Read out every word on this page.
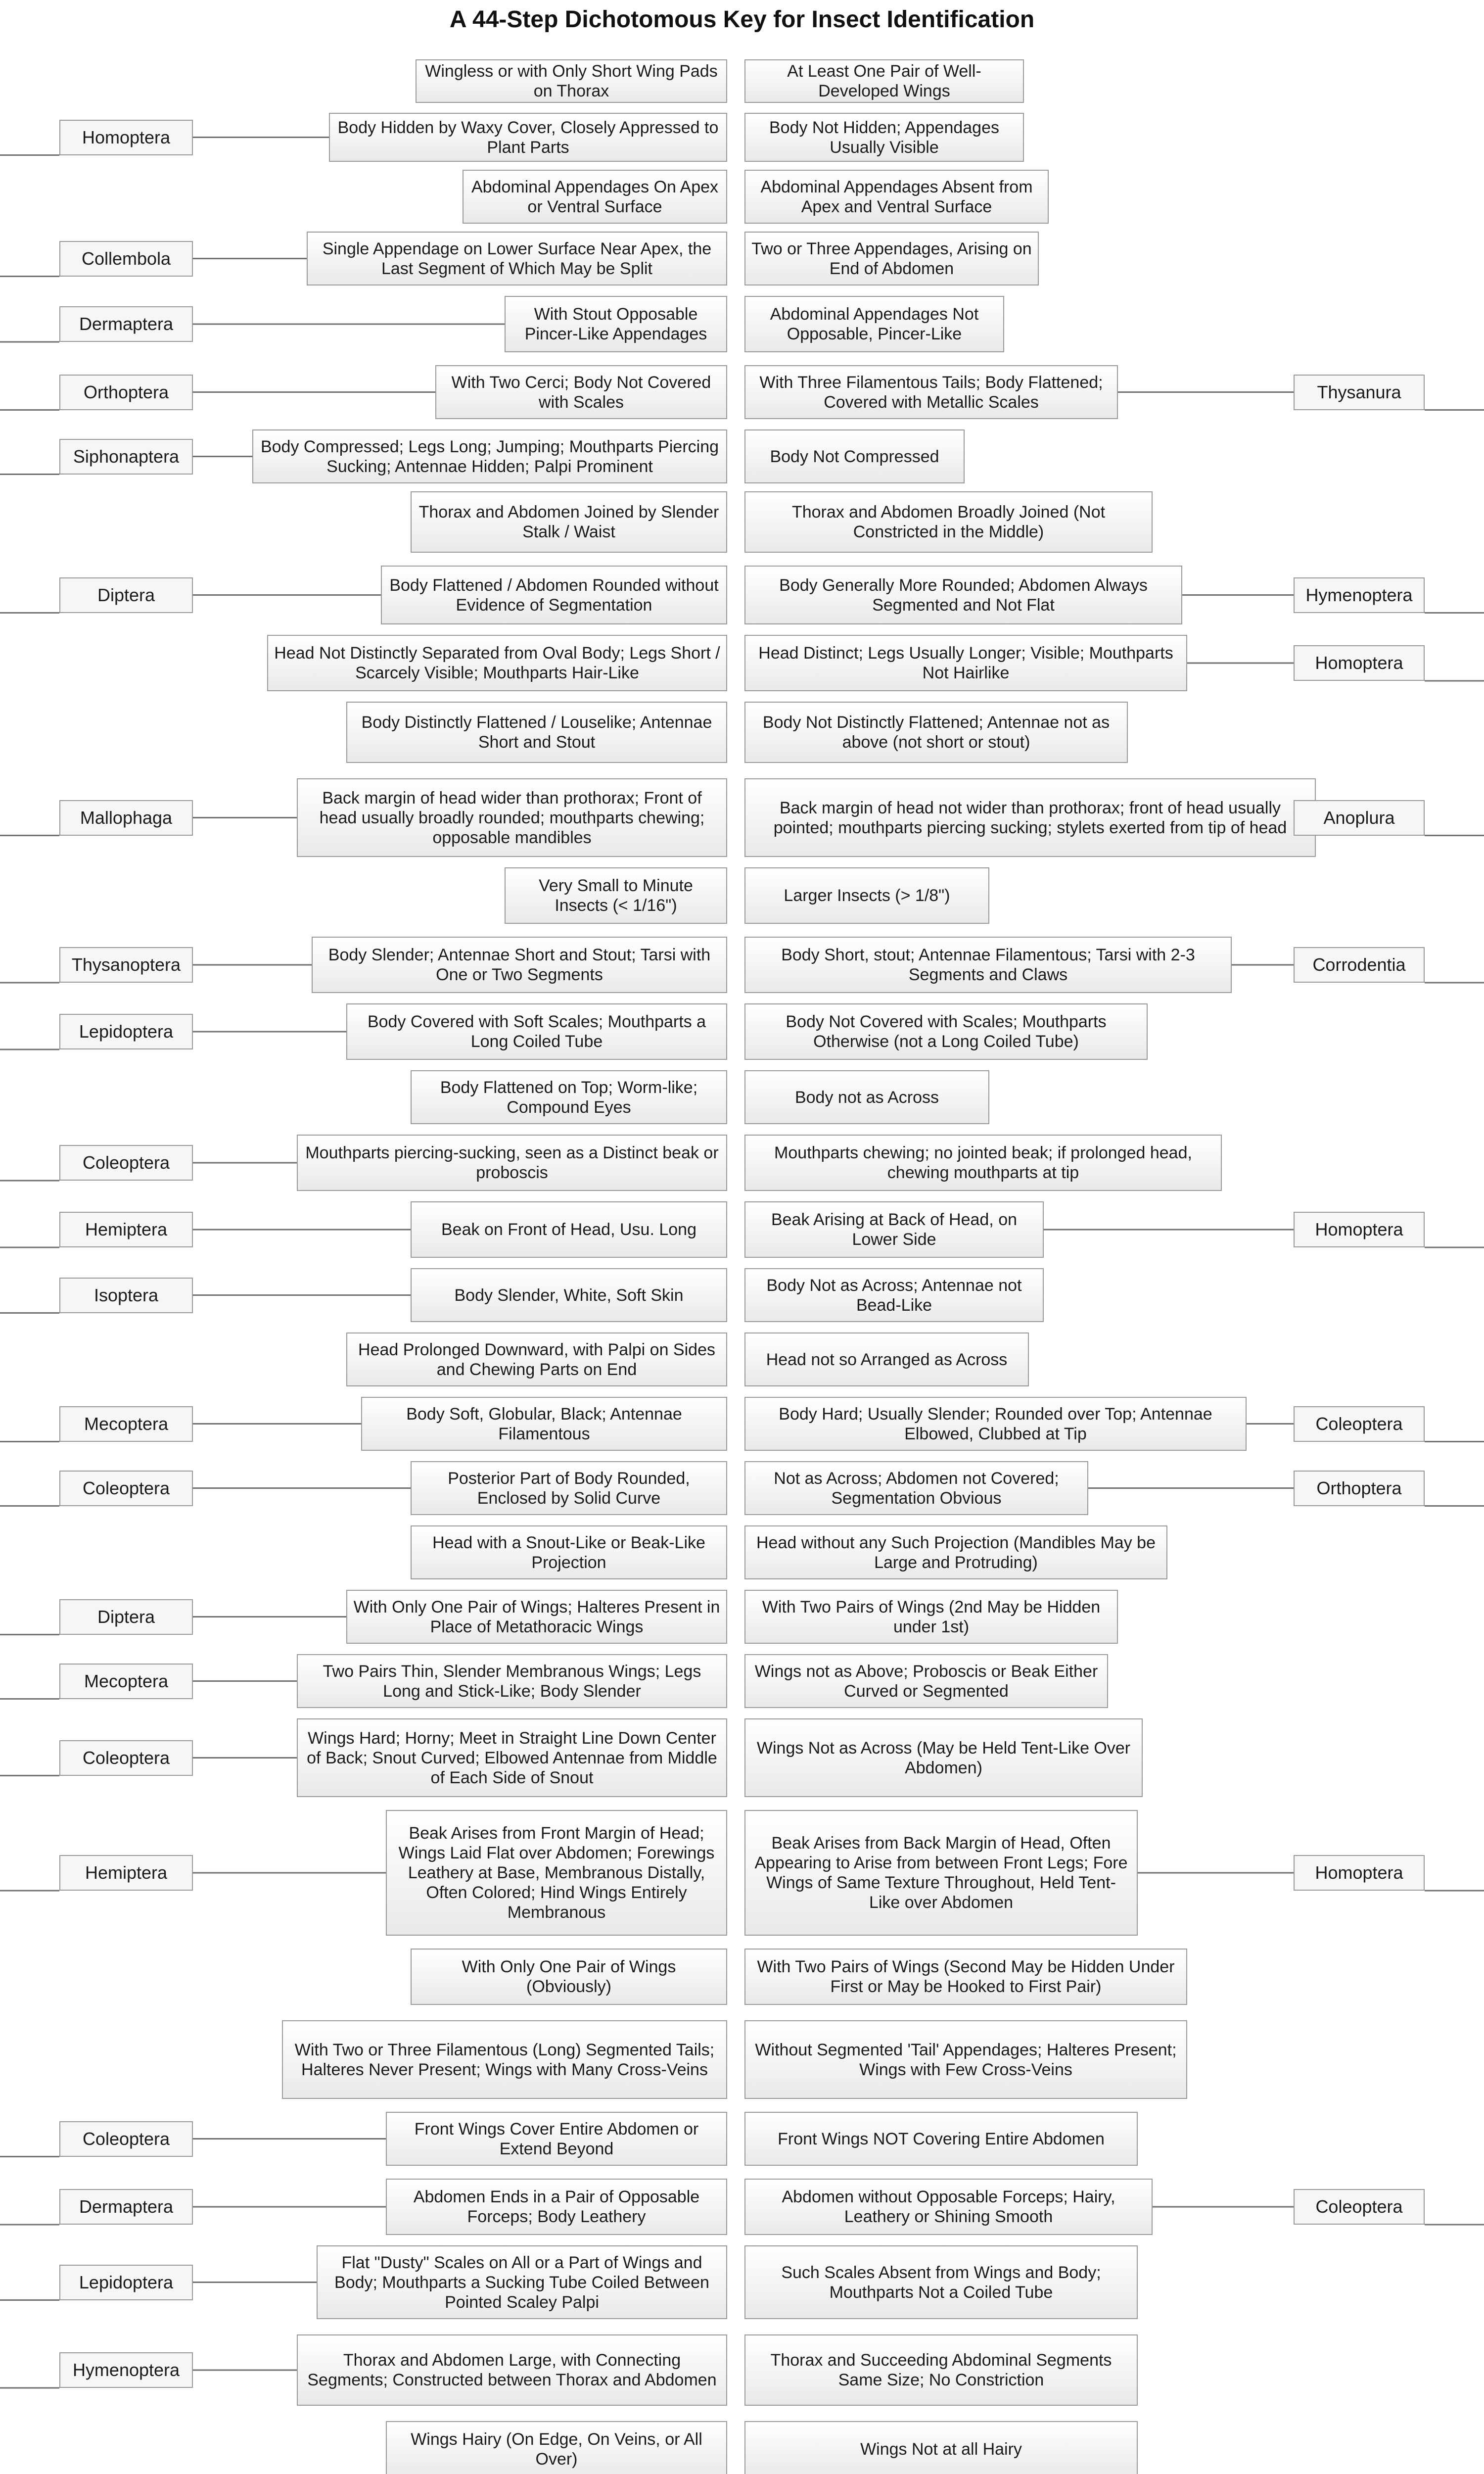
A 44-Step Dichotomous Key for Insect Identification
Wingless or with Only Short Wing Pads on Thorax
At Least One Pair of Well-Developed Wings
Body Hidden by Waxy Cover, Closely Appressed to Plant Parts
Body Not Hidden; Appendages Usually Visible
Homoptera
Abdominal Appendages On Apex or Ventral Surface
Abdominal Appendages Absent from Apex and Ventral Surface
Single Appendage on Lower Surface Near Apex, the Last Segment of Which May be Split
Two or Three Appendages, Arising on End of Abdomen
Collembola
With Stout Opposable Pincer-Like Appendages
Abdominal Appendages Not Opposable, Pincer-Like
Dermaptera
With Two Cerci; Body Not Covered with Scales
With Three Filamentous Tails; Body Flattened; Covered with Metallic Scales
Orthoptera	Thysanura
Body Compressed; Legs Long; Jumping; Mouthparts Piercing Sucking; Antennae Hidden; Palpi Prominent
Body Not Compressed
Siphonaptera
Thorax and Abdomen Joined by Slender Stalk / Waist
Thorax and Abdomen Broadly Joined (Not Constricted in the Middle)
Body Flattened / Abdomen Rounded without Evidence of Segmentation
Body Generally More Rounded; Abdomen Always Segmented and Not Flat
Diptera	Hymenoptera
Head Not Distinctly Separated from Oval Body; Legs Short / Scarcely Visible; Mouthparts Hair-Like
Head Distinct; Legs Usually Longer; Visible; Mouthparts Not Hairlike	Homoptera
Body Distinctly Flattened / Louselike; Antennae Short and Stout
Body Not Distinctly Flattened; Antennae not as above (not short or stout)
Back margin of head wider than prothorax; Front of head usually broadly rounded; mouthparts chewing; opposable mandibles
Back margin of head not wider than prothorax; front of head usually pointed; mouthparts piercing sucking; stylets exerted from tip of head
Mallophaga	Anoplura
Very Small to Minute Insects (< 1/16")
Larger Insects (> 1/8")
Body Slender; Antennae Short and Stout; Tarsi with One or Two Segments
Body Short, stout; Antennae Filamentous; Tarsi with 2-3 Segments and Claws
Thysanoptera	Corrodentia
Body Covered with Soft Scales; Mouthparts a Long Coiled Tube
Body Not Covered with Scales; Mouthparts Otherwise (not a Long Coiled Tube)
Lepidoptera
Body Flattened on Top; Worm-like; Compound Eyes
Body not as Across
Mouthparts piercing-sucking, seen as a Distinct beak or proboscis
Mouthparts chewing; no jointed beak; if prolonged head, chewing mouthparts at tip
Coleoptera
Beak on Front of Head, Usu. Long
Beak Arising at Back of Head, on Lower Side
Hemiptera	Homoptera
Body Slender, White, Soft Skin
Body Not as Across; Antennae not Bead-Like
Isoptera
Head Prolonged Downward, with Palpi on Sides and Chewing Parts on End
Head not so Arranged as Across
Body Soft, Globular, Black; Antennae Filamentous
Body Hard; Usually Slender; Rounded over Top; Antennae Elbowed, Clubbed at Tip
Mecoptera	Coleoptera
Posterior Part of Body Rounded, Enclosed by Solid Curve
Not as Across; Abdomen not Covered; Segmentation Obvious
Coleoptera	Orthoptera
Head with a Snout-Like or Beak-Like Projection
Head without any Such Projection (Mandibles May be Large and Protruding)
With Only One Pair of Wings; Halteres Present in Place of Metathoracic Wings
With Two Pairs of Wings (2nd May be Hidden under 1st)
Diptera
Two Pairs Thin, Slender Membranous Wings; Legs Long and Stick-Like; Body Slender
Wings not as Above; Proboscis or Beak Either Curved or Segmented
Mecoptera
Wings Hard; Horny; Meet in Straight Line Down Center of Back; Snout Curved; Elbowed Antennae from Middle of Each Side of Snout
Wings Not as Across (May be Held Tent-Like Over Abdomen)
Coleoptera
Beak Arises from Front Margin of Head; Wings Laid Flat over Abdomen; Forewings Leathery at Base, Membranous Distally, Often Colored; Hind Wings Entirely Membranous
Beak Arises from Back Margin of Head, Often Appearing to Arise from between Front Legs; Fore Wings of Same Texture Throughout, Held Tent-Like over Abdomen
Hemiptera	Homoptera
With Only One Pair of Wings (Obviously)
With Two Pairs of Wings (Second May be Hidden Under First or May be Hooked to First Pair)
With Two or Three Filamentous (Long) Segmented Tails; Halteres Never Present; Wings with Many Cross-Veins
Without Segmented 'Tail' Appendages; Halteres Present; Wings with Few Cross-Veins
Front Wings Cover Entire Abdomen or Extend Beyond
Front Wings NOT Covering Entire Abdomen
Coleoptera
Abdomen Ends in a Pair of Opposable Forceps; Body Leathery
Abdomen without Opposable Forceps; Hairy, Leathery or Shining Smooth
Dermaptera	Coleoptera
Flat "Dusty" Scales on All or a Part of Wings and Body; Mouthparts a Sucking Tube Coiled Between Pointed Scaley Palpi
Such Scales Absent from Wings and Body; Mouthparts Not a Coiled Tube
Lepidoptera
Thorax and Abdomen Large, with Connecting Segments; Constructed between Thorax and Abdomen
Thorax and Succeeding Abdominal Segments Same Size; No Constriction
Hymenoptera
Wings Hairy (On Edge, On Veins, or All Over)
Wings Not at all Hairy
